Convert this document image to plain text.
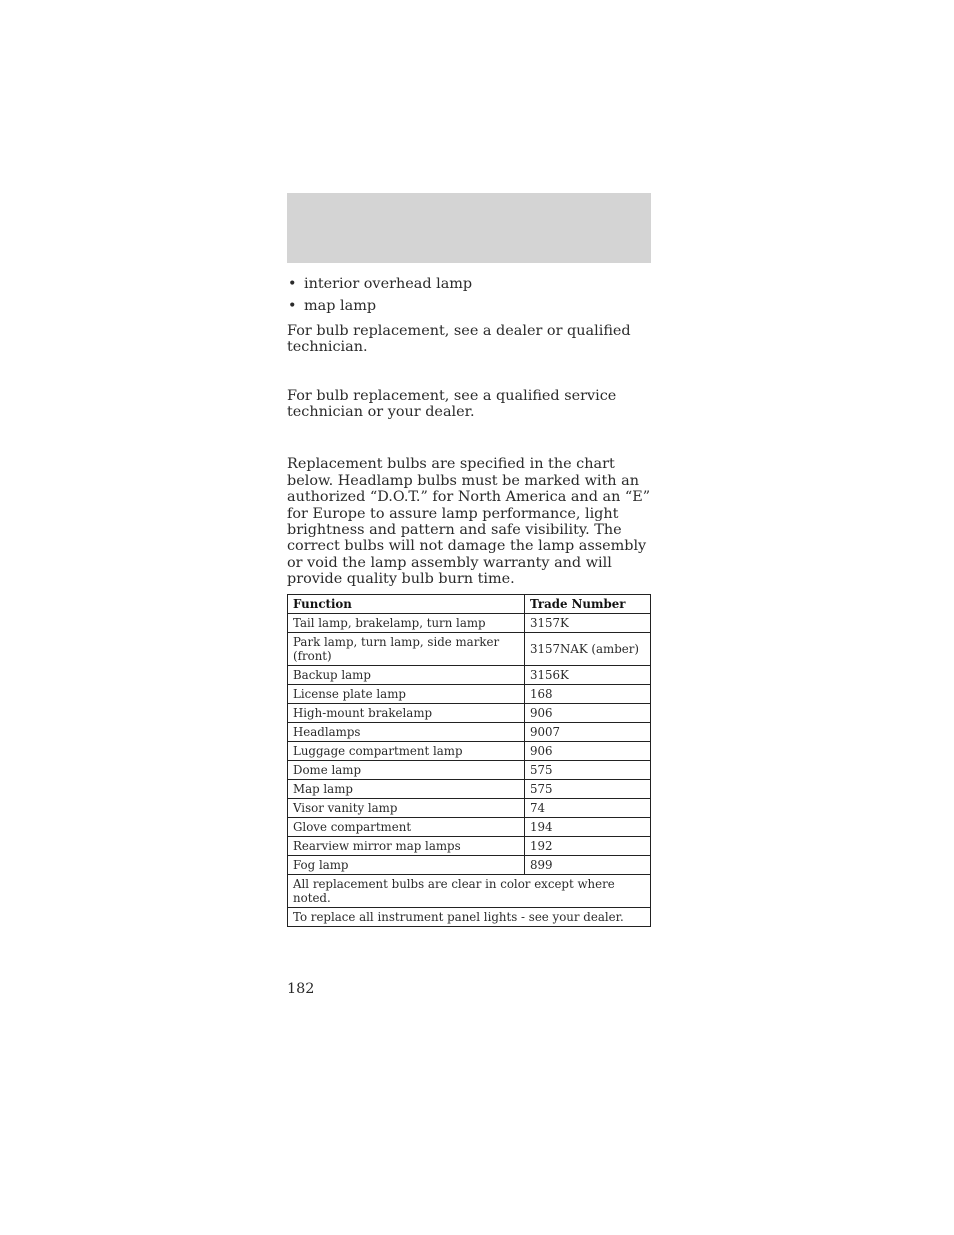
• interior overhead lamp
• map lamp

For bulb replacement, see a dealer or qualified technician.

For bulb replacement, see a qualified service technician or your dealer.

Replacement bulbs are specified in the chart below. Headlamp bulbs must be marked with an authorized “D.O.T.” for North America and an “E” for Europe to assure lamp performance, light brightness and pattern and safe visibility. The correct bulbs will not damage the lamp assembly or void the lamp assembly warranty and will provide quality bulb burn time.

Function	Trade Number
Tail lamp, brakelamp, turn lamp	3157K
Park lamp, turn lamp, side marker (front)	3157NAK (amber)
Backup lamp	3156K
License plate lamp	168
High-mount brakelamp	906
Headlamps	9007
Luggage compartment lamp	906
Dome lamp	575
Map lamp	575
Visor vanity lamp	74
Glove compartment	194
Rearview mirror map lamps	192
Fog lamp	899
All replacement bulbs are clear in color except where noted.	
To replace all instrument panel lights - see your dealer.	
182
